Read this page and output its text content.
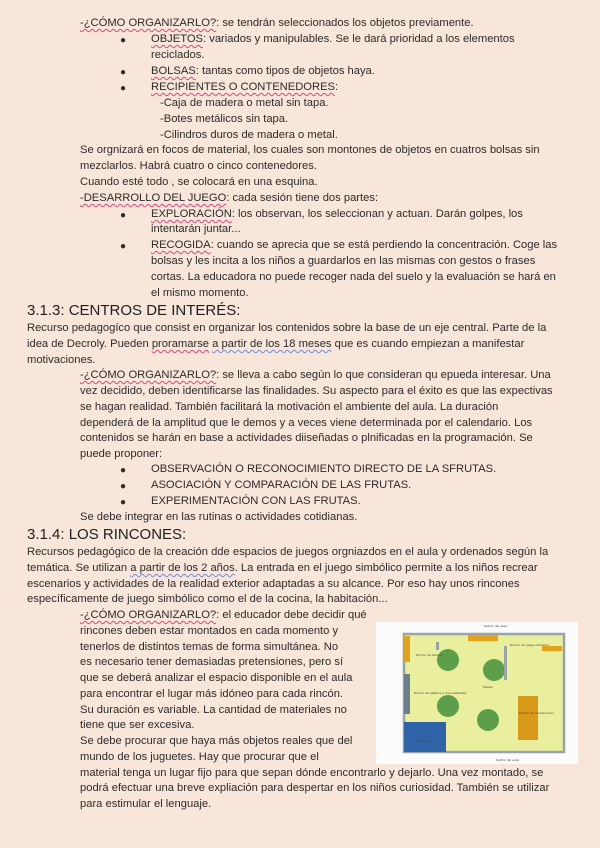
-¿CÓMO ORGANIZARLO?: se tendrán seleccionados los objetos previamente.
● OBJETOS: variados y manipulables. Se le dará prioridad a los elementos
reciclados.
● BOLSAS: tantas como tipos de objetos haya.
● RECIPIENTES O CONTENEDORES:
-Caja de madera o metal sin tapa.
-Botes metálicos sin tapa.
-Cilindros duros de madera o metal.
Se orgnizará en focos de material, los cuales son montones de objetos en cuatros bolsas sin
mezclarlos. Habrá cuatro o cinco contenedores.
Cuando esté todo , se colocará en una esquina.
-DESARROLLO DEL JUEGO: cada sesión tiene dos partes:
● EXPLORACIÓN: los observan, los seleccionan y actuan. Darán golpes, los
intentarán juntar...
● RECOGIDA: cuando se aprecia que se está perdiendo la concentración. Coge las
bolsas y les incita a los niños a guardarlos en las mismas con gestos o frases
cortas. La educadora no puede recoger nada del suelo y la evaluación se hará en
el mismo momento.
3.1.3: CENTROS DE INTERÉS:
Recurso pedagogíco que consist en organizar los contenidos sobre la base de un eje central. Parte de la
idea de Decroly. Pueden proramarse a partir de los 18 meses que es cuando empiezan a manifestar
motivaciones.
-¿CÓMO ORGANIZARLO?: se lleva a cabo según lo que consideran qu epueda interesar. Una
vez decidido, deben identificarse las finalidades. Su aspecto para el éxito es que las expectivas
se hagan realidad. También facilitará la motivación el ambiente del aula. La duración
dependerá de la amplitud que le demos y a veces viene determinada por el calendario. Los
contenidos se harán en base a actividades diiseñadas o plnificadas en la programación. Se
puede proponer:
● OBSERVACIÓN O RECONOCIMIENTO DIRECTO DE LA SFRUTAS.
● ASOCIACIÓN Y COMPARACIÓN DE LAS FRUTAS.
● EXPERIMENTACIÓN CON LAS FRUTAS.
Se debe integrar en las rutinas o actividades cotidianas.
3.1.4: LOS RINCONES:
Recursos pedagógico de la creación dde espacios de juegos orgniazdos en el aula y ordenados según la
temática. Se utilizan a partir de los 2 años. La entrada en el juego simbólico permite a los niños recrear
escenarios y actividades de la realidad exterior adaptadas a su alcance. Por eso hay unos rincones
específicamente de juego simbólico como el de la cocina, la habitación...
-¿CÓMO ORGANIZARLO?: el educador debe decidir qué
rincones deben estar montados en cada momento y
tenerlos de distintos temas de forma simultánea. No
es necesario tener demasiadas pretensiones, pero sí
que se deberá analizar el espacio disponible en el aula
para encontrar el lugar más idóneo para cada rincón.
Su duración es variable. La cantidad de materiales no
tiene que ser excesiva.
Se debe procurar que haya más objetos reales que del
mundo de los juguetes. Hay que procurar que el
material tenga un lugar fijo para que sepan dónde encontrarlo y dejarlo. Una vez montado, se
podrá efectuar una breve expliación para despertar en los niños curiosidad. También se utilizar
para estimular el lenguaje.
Sector del aseo
Rincón de lectura
Rincón de juego simbólico
Mesas
Rincón de plástica y manualidades
Rincón de construcción
Entrada
Sector del aula
